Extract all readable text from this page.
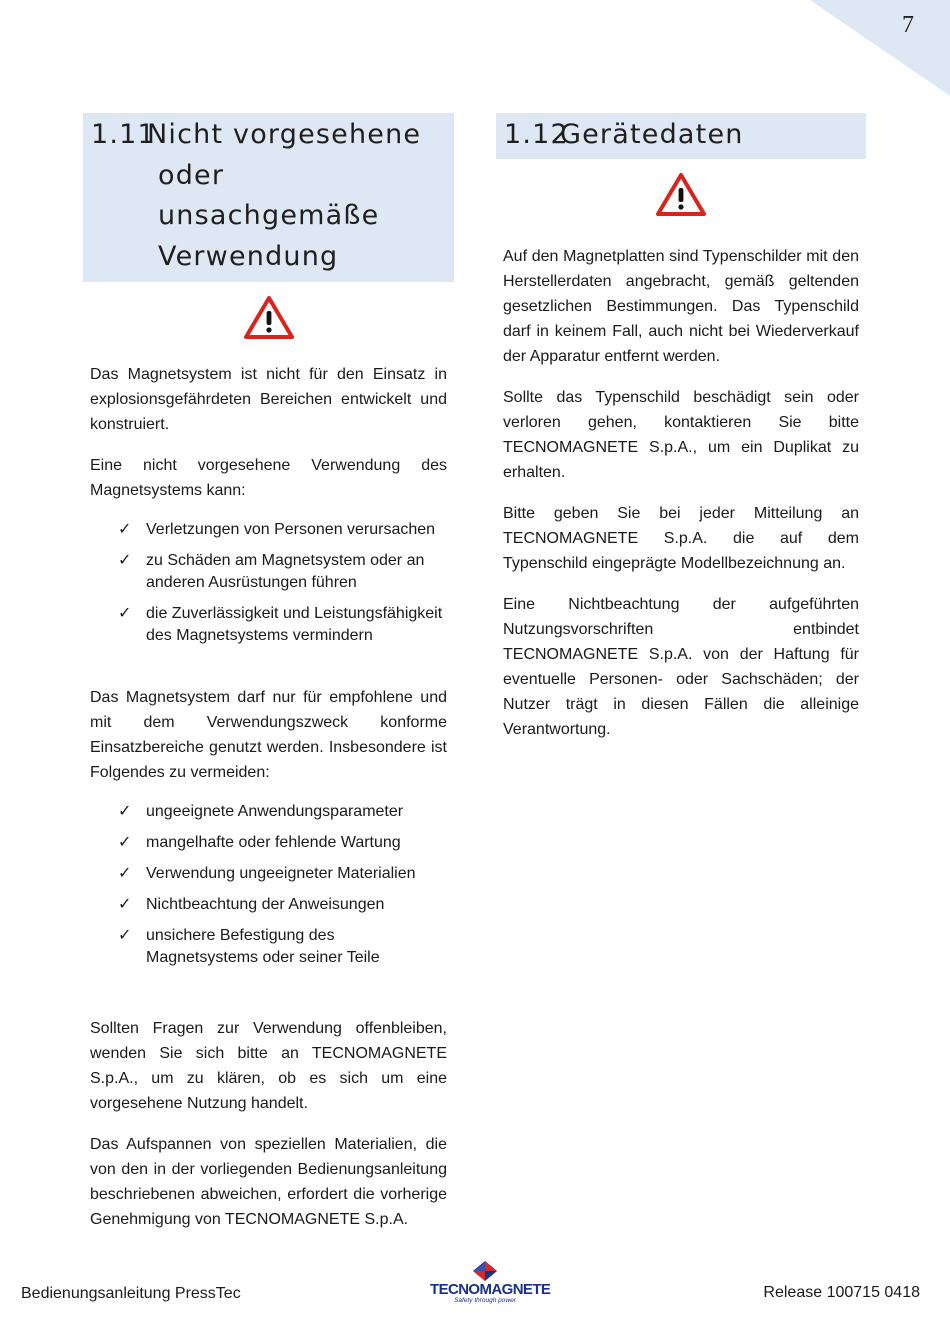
7
1.11Nicht vorgesehene
oder unsachgemäße
Verwendung

Das Magnetsystem ist nicht für den Einsatz in explosionsgefährdeten Bereichen entwickelt und konstruiert.

Eine nicht vorgesehene Verwendung des Magnetsystems kann:

✓ Verletzungen von Personen verursachen
✓ zu Schäden am Magnetsystem oder an anderen Ausrüstungen führen
✓ die Zuverlässigkeit und Leistungsfähigkeit des Magnetsystems vermindern

Das Magnetsystem darf nur für empfohlene und mit dem Verwendungszweck konforme Einsatzbereiche genutzt werden. Insbesondere ist Folgendes zu vermeiden:

✓ ungeeignete Anwendungsparameter
✓ mangelhafte oder fehlende Wartung
✓ Verwendung ungeeigneter Materialien
✓ Nichtbeachtung der Anweisungen
✓ unsichere Befestigung des Magnetsystems oder seiner Teile

Sollten Fragen zur Verwendung offenbleiben, wenden Sie sich bitte an TECNOMAGNETE S.p.A., um zu klären, ob es sich um eine vorgesehene Nutzung handelt.

Das Aufspannen von speziellen Materialien, die von den in der vorliegenden Bedienungsanleitung beschriebenen abweichen, erfordert die vorherige Genehmigung von TECNOMAGNETE S.p.A.

1.12Gerätedaten

Auf den Magnetplatten sind Typenschilder mit den Herstellerdaten angebracht, gemäß geltenden gesetzlichen Bestimmungen. Das Typenschild darf in keinem Fall, auch nicht bei Wiederverkauf der Apparatur entfernt werden.

Sollte das Typenschild beschädigt sein oder verloren gehen, kontaktieren Sie bitte TECNOMAGNETE S.p.A., um ein Duplikat zu erhalten.

Bitte geben Sie bei jeder Mitteilung an TECNOMAGNETE S.p.A. die auf dem Typenschild eingeprägte Modellbezeichnung an.

Eine Nichtbeachtung der aufgeführten Nutzungsvorschriften entbindet TECNOMAGNETE S.p.A. von der Haftung für eventuelle Personen- oder Sachschäden; der Nutzer trägt in diesen Fällen die alleinige Verantwortung.

Bedienungsanleitung PressTec	TECNOMAGNETE
Safety through power	Release 100715 0418
